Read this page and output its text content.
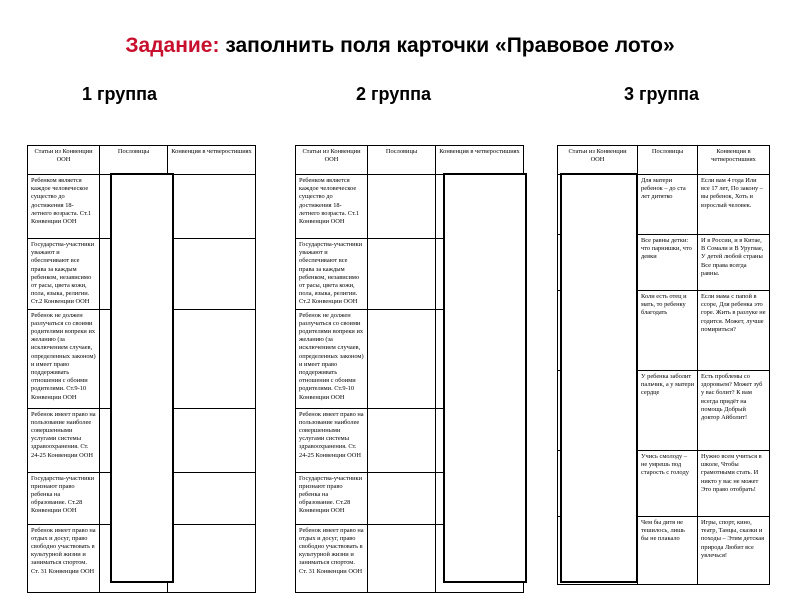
Задание: заполнить поля карточки «Правовое лото»
1 группа	2 группа	3 группа
Статьи из Конвенции ООН	Пословицы	Конвенция в четверостишиях
Ребенком является каждое человеческое существо до достижения 18- летнего возраста. Ст.1 Конвенции ООН		
Государства-участники уважают и обеспечивают все права за каждым ребенком, независимо от расы, цвета кожи, пола, языка, религии. Ст.2 Конвенции ООН		
Ребенок не должен разлучаться со своими родителями вопреки их желанию (за исключением случаев, определенных законом) и имеет право поддерживать отношения с обоими родителями. Ст.9-10 Конвенции ООН		
Ребенок имеет право на пользование наиболее совершенными услугами системы здравоохранения. Ст. 24-25 Конвенции ООН		
Государства-участники признают право ребенка на образование. Ст.28 Конвенции ООН		
Ребенок имеет право на отдых и досуг, право свободно участвовать в культурной жизни и заниматься спортом. Ст. 31 Конвенции ООН		
Статьи из Конвенции ООН	Пословицы	Конвенция в четверостишиях
Ребенком является каждое человеческое существо до достижения 18- летнего возраста. Ст.1 Конвенции ООН		
Государства-участники уважают и обеспечивают все права за каждым ребенком, независимо от расы, цвета кожи, пола, языка, религии. Ст.2 Конвенции ООН		
Ребенок не должен разлучаться со своими родителями вопреки их желанию (за исключением случаев, определенных законом) и имеет право поддерживать отношения с обоими родителями. Ст.9-10 Конвенции ООН		
Ребенок имеет право на пользование наиболее совершенными услугами системы здравоохранения. Ст. 24-25 Конвенции ООН		
Государства-участники признают право ребенка на образование. Ст.28 Конвенции ООН		
Ребенок имеет право на отдых и досуг, право свободно участвовать в культурной жизни и заниматься спортом. Ст. 31 Конвенции ООН		
Статьи из Конвенции ООН	Пословицы	Конвенция в четверостишиях
	Для матери ребенок – до ста лет дитятко	Если вам 4 года Или все 17 лет, По закону – вы ребенок, Хоть и взрослый человек.
	Все равны детки: что парнишки, что девки	И в России, и в Китае, В Сомали и В Уругвае, У детей любой страны Все права всегда равны.
	Коли есть отец и мать, то ребенку благодать	Если мама с папой в ссоре, Для ребенка это горе. Жить в разлуке не годится. Может, лучше помириться?
	У ребенка заболит пальчик, а у матери сердце	Есть проблемы со здоровьем? Может зуб у вас болит? К вам всегда придёт на помощь Добрый доктор Айболит!
	Учись смолоду – не умрешь под старость с голоду	Нужно всем учиться в школе, Чтобы грамотными стать. И никто у вас не может Это право отобрать!
	Чем бы дитя не тешилось, лишь бы не плакало	Игры, спорт, кино, театр, Танцы, сказки и походы – Этим детская природа Любит все увлечься!
